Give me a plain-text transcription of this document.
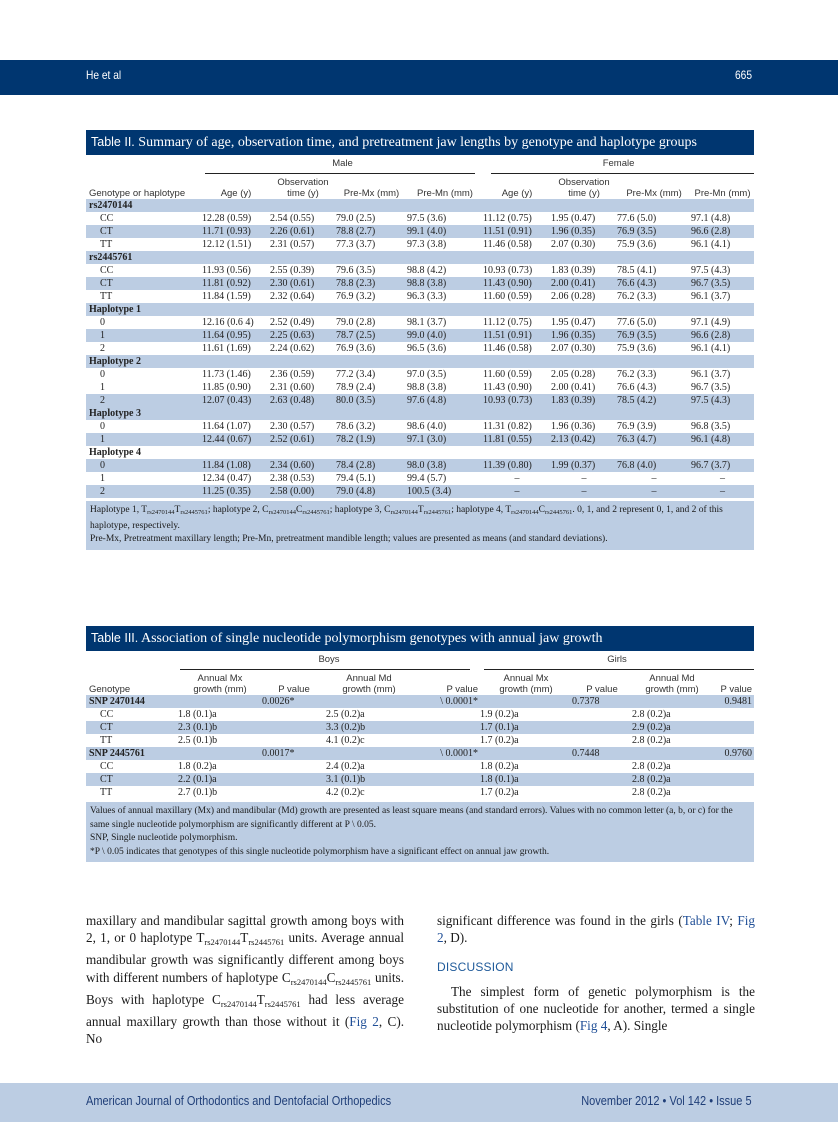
He et al	665
Table II. Summary of age, observation time, and pretreatment jaw lengths by genotype and haplotype groups
	Male				Female			

Genotype or haplotype	Age (y)	Observation
time (y)	Pre-Mx (mm)	Pre-Mn (mm)	Age (y)	Observation
time (y)	Pre-Mx (mm)	Pre-Mn (mm)
rs2470144								
CC	12.28 (0.59)	2.54 (0.55)	79.0 (2.5)	97.5 (3.6)	11.12 (0.75)	1.95 (0.47)	77.6 (5.0)	97.1 (4.8)
CT	11.71 (0.93)	2.26 (0.61)	78.8 (2.7)	99.1 (4.0)	11.51 (0.91)	1.96 (0.35)	76.9 (3.5)	96.6 (2.8)
TT	12.12 (1.51)	2.31 (0.57)	77.3 (3.7)	97.3 (3.8)	11.46 (0.58)	2.07 (0.30)	75.9 (3.6)	96.1 (4.1)
rs2445761								
CC	11.93 (0.56)	2.55 (0.39)	79.6 (3.5)	98.8 (4.2)	10.93 (0.73)	1.83 (0.39)	78.5 (4.1)	97.5 (4.3)
CT	11.81 (0.92)	2.30 (0.61)	78.8 (2.3)	98.8 (3.8)	11.43 (0.90)	2.00 (0.41)	76.6 (4.3)	96.7 (3.5)
TT	11.84 (1.59)	2.32 (0.64)	76.9 (3.2)	96.3 (3.3)	11.60 (0.59)	2.06 (0.28)	76.2 (3.3)	96.1 (3.7)
Haplotype 1								
0	12.16 (0.6 4)	2.52 (0.49)	79.0 (2.8)	98.1 (3.7)	11.12 (0.75)	1.95 (0.47)	77.6 (5.0)	97.1 (4.9)
1	11.64 (0.95)	2.25 (0.63)	78.7 (2.5)	99.0 (4.0)	11.51 (0.91)	1.96 (0.35)	76.9 (3.5)	96.6 (2.8)
2	11.61 (1.69)	2.24 (0.62)	76.9 (3.6)	96.5 (3.6)	11.46 (0.58)	2.07 (0.30)	75.9 (3.6)	96.1 (4.1)
Haplotype 2								
0	11.73 (1.46)	2.36 (0.59)	77.2 (3.4)	97.0 (3.5)	11.60 (0.59)	2.05 (0.28)	76.2 (3.3)	96.1 (3.7)
1	11.85 (0.90)	2.31 (0.60)	78.9 (2.4)	98.8 (3.8)	11.43 (0.90)	2.00 (0.41)	76.6 (4.3)	96.7 (3.5)
2	12.07 (0.43)	2.63 (0.48)	80.0 (3.5)	97.6 (4.8)	10.93 (0.73)	1.83 (0.39)	78.5 (4.2)	97.5 (4.3)
Haplotype 3								
0	11.64 (1.07)	2.30 (0.57)	78.6 (3.2)	98.6 (4.0)	11.31 (0.82)	1.96 (0.36)	76.9 (3.9)	96.8 (3.5)
1	12.44 (0.67)	2.52 (0.61)	78.2 (1.9)	97.1 (3.0)	11.81 (0.55)	2.13 (0.42)	76.3 (4.7)	96.1 (4.8)
Haplotype 4								
0	11.84 (1.08)	2.34 (0.60)	78.4 (2.8)	98.0 (3.8)	11.39 (0.80)	1.99 (0.37)	76.8 (4.0)	96.7 (3.7)
1	12.34 (0.47)	2.38 (0.53)	79.4 (5.1)	99.4 (5.7)	–	–	–	–
2	11.25 (0.35)	2.58 (0.00)	79.0 (4.8)	100.5 (3.4)	–	–	–	–
Haplotype 1, $T_{rs2470144}T_{rs2445761}$; haplotype 2, $C_{rs2470144}C_{rs2445761}$; haplotype 3, $C_{rs2470144}T_{rs2445761}$; haplotype 4, $T_{rs2470144}C_{rs2445761}$. 0, 1, and 2 represent 0, 1, and 2 of this haplotype, respectively.
Pre-Mx, Pretreatment maxillary length; Pre-Mn, pretreatment mandible length; values are presented as means (and standard deviations).
Table III. Association of single nucleotide polymorphism genotypes with annual jaw growth
	Boys				Girls			

Genotype	Annual Mx
growth (mm)	P value	Annual Md
growth (mm)	P value	Annual Mx
growth (mm)	P value	Annual Md
growth (mm)	P value
SNP 2470144		0.0026*		\ 0.0001*		0.7378		0.9481
CC	1.8 (0.1)a		2.5 (0.2)a		1.9 (0.2)a		2.8 (0.2)a	
CT	2.3 (0.1)b		3.3 (0.2)b		1.7 (0.1)a		2.9 (0.2)a	
TT	2.5 (0.1)b		4.1 (0.2)c		1.7 (0.2)a		2.8 (0.2)a	
SNP 2445761		0.0017*		\ 0.0001*		0.7448		0.9760
CC	1.8 (0.2)a		2.4 (0.2)a		1.8 (0.2)a		2.8 (0.2)a	
CT	2.2 (0.1)a		3.1 (0.1)b		1.8 (0.1)a		2.8 (0.2)a	
TT	2.7 (0.1)b		4.2 (0.2)c		1.7 (0.2)a		2.8 (0.2)a	
Values of annual maxillary (Mx) and mandibular (Md) growth are presented as least square means (and standard errors). Values with no common letter (a, b, or c) for the same single nucleotide polymorphism are significantly different at P \ 0.05.
SNP, Single nucleotide polymorphism.
*P \ 0.05 indicates that genotypes of this single nucleotide polymorphism have a significant effect on annual jaw growth.

maxillary and mandibular sagittal growth among boys with 2, 1, or 0 haplotype $T_{rs2470144}T_{rs2445761}$ units. Average annual mandibular growth was significantly different among boys with different numbers of haplotype $C_{rs2470144}C_{rs2445761}$ units. Boys with haplotype $C_{rs2470144}T_{rs2445761}$ had less average annual maxillary growth than those without it (Fig 2, C). No

significant difference was found in the girls (Table IV; Fig 2, D).

DISCUSSION

The simplest form of genetic polymorphism is the substitution of one nucleotide for another, termed a single nucleotide polymorphism (Fig 4, A). Single

American Journal of Orthodontics and Dentofacial Orthopedics	November 2012 • Vol 142 • Issue 5
